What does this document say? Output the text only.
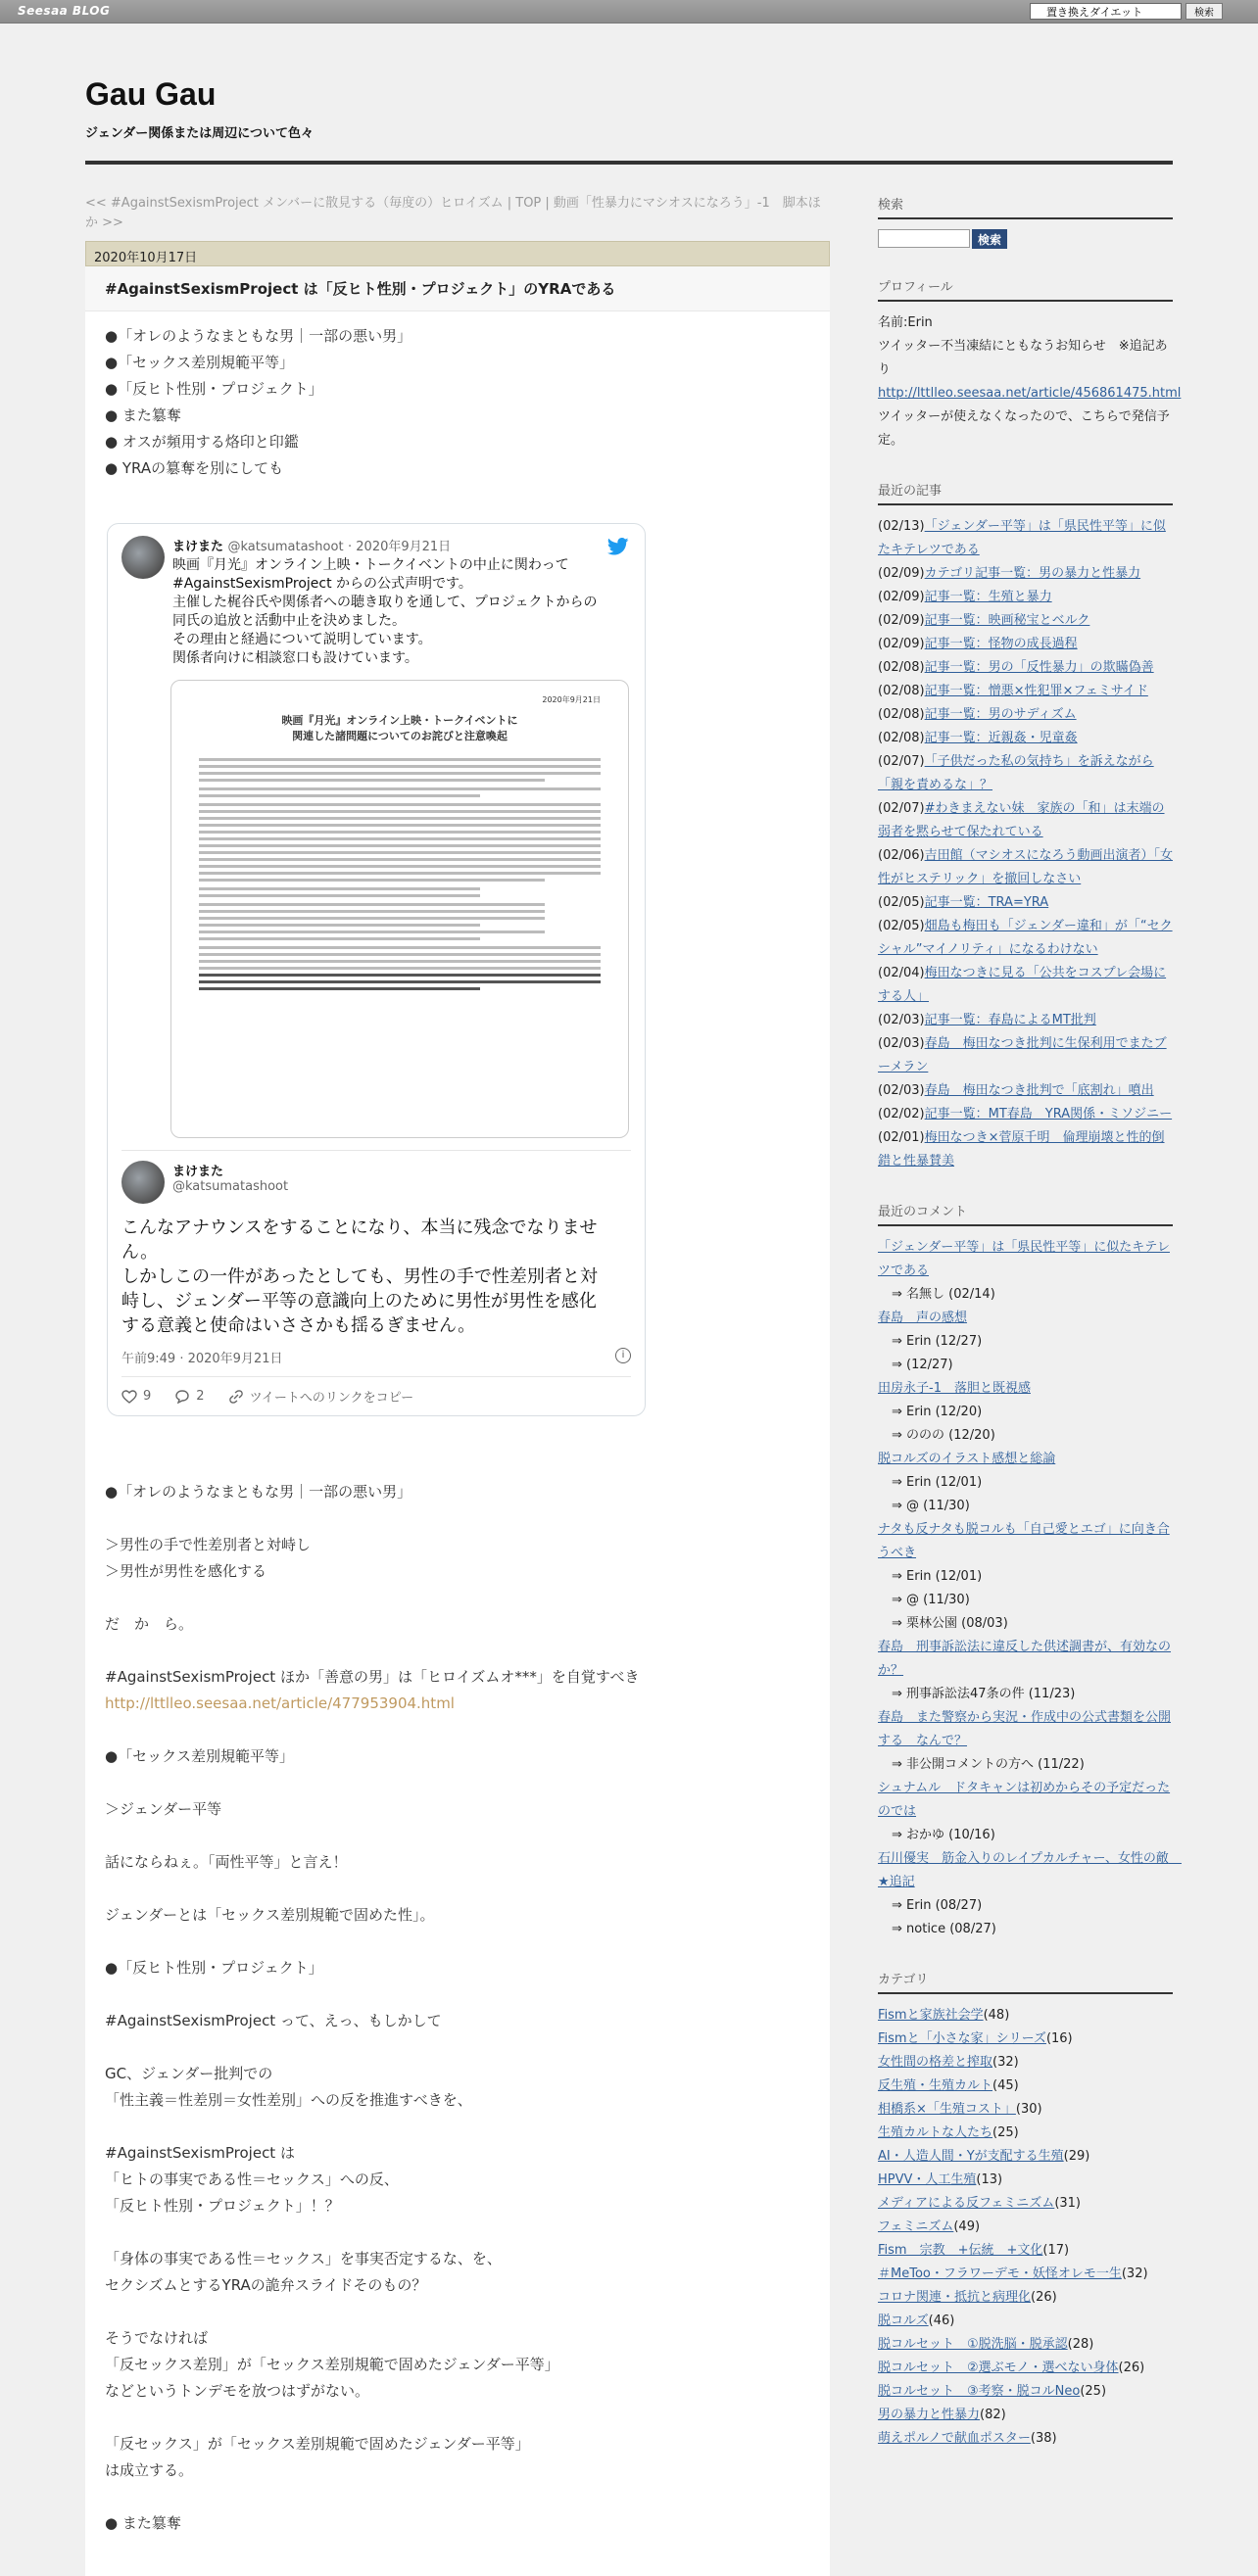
Seesaa BLOG
置き換えダイエット	検索
Gau Gau
ジェンダー関係または周辺について色々
<< #AgainstSexismProject メンバーに散見する（毎度の）ヒロイズム | TOP | 動画「性暴力にマシオスになろう」-1　脚本ほか >>
2020年10月17日
#AgainstSexismProject は「反ヒト性別・プロジェクト」のYRAである
●「オレのようなまともな男｜一部の悪い男」
●「セックス差別規範平等」
●「反ヒト性別・プロジェクト」
● また簒奪
● オスが頻用する烙印と印鑑
● YRAの簒奪を別にしても
まけまた @katsumatashoot · 2020年9月21日
映画『月光』オンライン上映・トークイベントの中止に関わって
#AgainstSexismProject からの公式声明です。
主催した梶谷氏や関係者への聴き取りを通して、プロジェクトからの
同氏の追放と活動中止を決めました。
その理由と経過について説明しています。
関係者向けに相談窓口も設けています。
2020年9月21日
映画『月光』オンライン上映・トークイベントに
関連した諸問題についてのお詫びと注意喚起
まけまた
@katsumatashoot
こんなアナウンスをすることになり、本当に残念でなりませ
ん。
しかしこの一件があったとしても、男性の手で性差別者と対
峙し、ジェンダー平等の意識向上のために男性が男性を感化
する意義と使命はいささかも揺るぎません。
午前9:49 · 2020年9月21日	i
9	2	ツイートへのリンクをコピー

●「オレのようなまともな男｜一部の悪い男」

＞男性の手で性差別者と対峙し

＞男性が男性を感化する

だ　か　ら。

#AgainstSexismProject ほか「善意の男」は「ヒロイズムオ***」を自覚すべき

http://lttlleo.seesaa.net/article/477953904.html

●「セックス差別規範平等」

＞ジェンダー平等

話にならねぇ。「両性平等」と言え！

ジェンダーとは「セックス差別規範で固めた性」。

●「反ヒト性別・プロジェクト」

#AgainstSexismProject って、えっ、もしかして

GC、ジェンダー批判での

「性主義＝性差別＝女性差別」への反を推進すべきを、

#AgainstSexismProject は

「ヒトの事実である性＝セックス」への反、

「反ヒト性別・プロジェクト」！？

「身体の事実である性＝セックス」を事実否定するな、を、

セクシズムとするYRAの詭弁スライドそのもの？

そうでなければ

「反セックス差別」が「セックス差別規範で固めたジェンダー平等」

などというトンデモを放つはずがない。

「反セックス」が「セックス差別規範で固めたジェンダー平等」

は成立する。

● また簒奪

検索
検索
プロフィール
名前:Erin
ツイッター不当凍結にともなうお知らせ　※追記あり
http://lttlleo.seesaa.net/article/456861475.html
ツイッターが使えなくなったので、こちらで発信予定。
最近の記事
(02/13)「ジェンダー平等」は「県民性平等」に似たキテレツである
(02/09)カテゴリ記事一覧：男の暴力と性暴力
(02/09)記事一覧：生殖と暴力
(02/09)記事一覧：映画秘宝とベルク
(02/09)記事一覧：怪物の成長過程
(02/08)記事一覧：男の「反性暴力」の欺瞞偽善
(02/08)記事一覧：憎悪×性犯罪×フェミサイド
(02/08)記事一覧：男のサディズム
(02/08)記事一覧：近親姦・児童姦
(02/07)「子供だった私の気持ち」を訴えながら「親を責めるな」？
(02/07)#わきまえない妹　家族の「和」は末端の弱者を黙らせて保たれている
(02/06)吉田館（マシオスになろう動画出演者）「女性がヒステリック」を撤回しなさい
(02/05)記事一覧：TRA=YRA
(02/05)畑島も梅田も「ジェンダー違和」が「“セクシャル”マイノリティ」になるわけない
(02/04)梅田なつきに見る「公共をコスプレ会場にする人」
(02/03)記事一覧：春島によるMT批判
(02/03)春島　梅田なつき批判に生保利用でまたブーメラン
(02/03)春島　梅田なつき批判で「底割れ」噴出
(02/02)記事一覧：MT春島　YRA関係・ミソジニー
(02/01)梅田なつき×菅原千明　倫理崩壊と性的倒錯と性暴賛美
最近のコメント
「ジェンダー平等」は「県民性平等」に似たキテレツである
⇒ 名無し (02/14)
春島　声の感想
⇒ Erin (12/27)
⇒ (12/27)
田房永子-1　落胆と既視感
⇒ Erin (12/20)
⇒ ののの (12/20)
脱コルズのイラスト感想と総論
⇒ Erin (12/01)
⇒ @ (11/30)
ナタも反ナタも脱コルも「自己愛とエゴ」に向き合うべき
⇒ Erin (12/01)
⇒ @ (11/30)
⇒ 栗林公園 (08/03)
春島　刑事訴訟法に違反した供述調書が、有効なのか？
⇒ 刑事訴訟法47条の件 (11/23)
春島　また警察から実況・作成中の公式書類を公開する　なんで？
⇒ 非公開コメントの方へ (11/22)
シュナムル　ドタキャンは初めからその予定だったのでは
⇒ おかゆ (10/16)
石川優実　筋金入りのレイプカルチャー、女性の敵　★追記
⇒ Erin (08/27)
⇒ notice (08/27)
カテゴリ
Fismと家族社会学(48)
Fismと「小さな家」シリーズ(16)
女性間の格差と搾取(32)
反生殖・生殖カルト(45)
相橋系×「生殖コスト」(30)
生殖カルトな人たち(25)
AI・人造人間・Yが支配する生殖(29)
HPVV・人工生殖(13)
メディアによる反フェミニズム(31)
フェミニズム(49)
Fism　宗教　+伝統　+文化(17)
＃MeToo・フラワーデモ・妖怪オレモ一生(32)
コロナ関連・抵抗と病理化(26)
脱コルズ(46)
脱コルセット　①脱洗脳・脱承認(28)
脱コルセット　②選ぶモノ・選べない身体(26)
脱コルセット　③考察・脱コルNeo(25)
男の暴力と性暴力(82)
萌えポルノで献血ポスター(38)
